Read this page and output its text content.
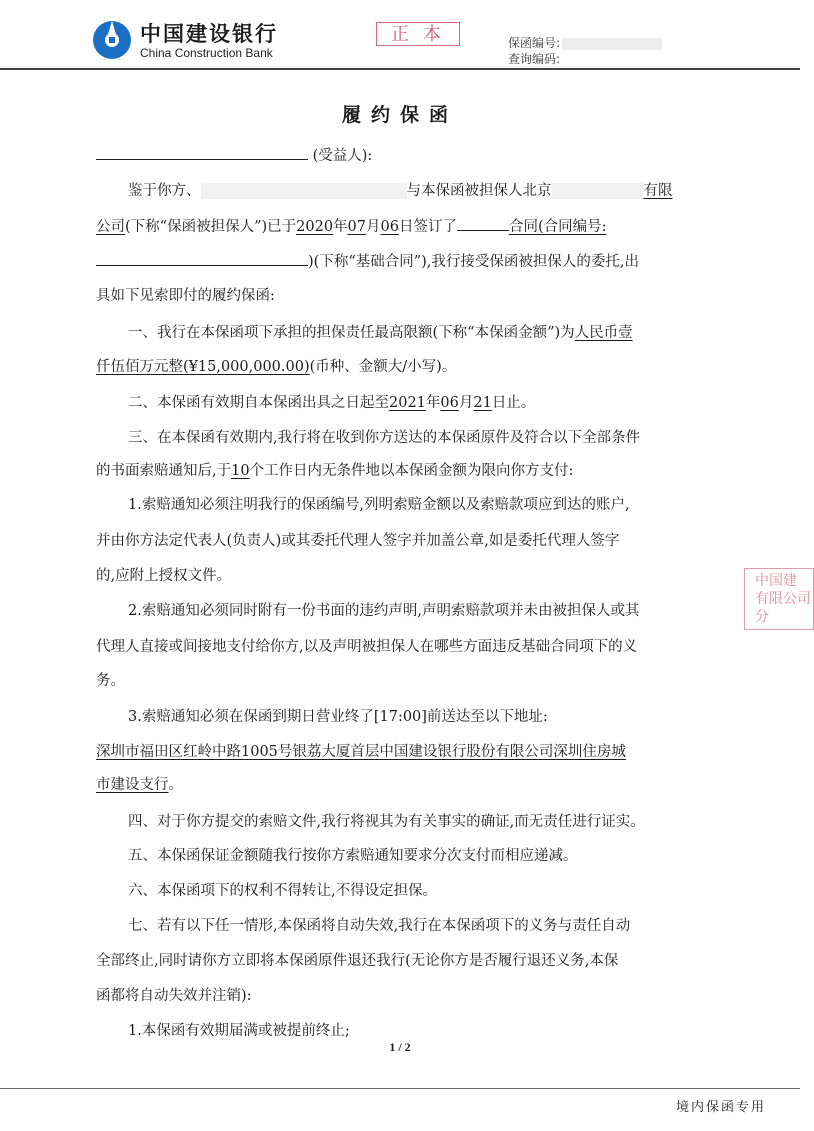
中国建设银行
China Construction Bank
正本	保函编号:
查询编码:
履约保函
(受益人):
鉴于你方、	与本保函被担保人北京	有限
公司(下称“保函被担保人”)已于2020年07月06日签订了	合同(合同编号:
)(下称“基础合同”),我行接受保函被担保人的委托,出
具如下见索即付的履约保函:
一、我行在本保函项下承担的担保责任最高限额(下称“本保函金额”)为人民币壹
仟伍佰万元整(¥15,000,000.00)(币种、金额大/小写)。
二、本保函有效期自本保函出具之日起至2021年06月21日止。
三、在本保函有效期内,我行将在收到你方送达的本保函原件及符合以下全部条件
的书面索赔通知后,于10个工作日内无条件地以本保函金额为限向你方支付:
1.索赔通知必须注明我行的保函编号,列明索赔金额以及索赔款项应到达的账户,
并由你方法定代表人(负责人)或其委托代理人签字并加盖公章,如是委托代理人签字
的,应附上授权文件。
2.索赔通知必须同时附有一份书面的违约声明,声明索赔款项并未由被担保人或其
代理人直接或间接地支付给你方,以及声明被担保人在哪些方面违反基础合同项下的义
务。
3.索赔通知必须在保函到期日营业终了[17:00]前送达至以下地址:
深圳市福田区红岭中路1005号银荔大厦首层中国建设银行股份有限公司深圳住房城
市建设支行。
四、对于你方提交的索赔文件,我行将视其为有关事实的确证,而无责任进行证实。
五、本保函保证金额随我行按你方索赔通知要求分次支付而相应递减。
六、本保函项下的权利不得转让,不得设定担保。
七、若有以下任一情形,本保函将自动失效,我行在本保函项下的义务与责任自动
全部终止,同时请你方立即将本保函原件退还我行(无论你方是否履行退还义务,本保
函都将自动失效并注销):
1.本保函有效期届满或被提前终止;
中国建 有限公司 分
1 / 2
境内保函专用
